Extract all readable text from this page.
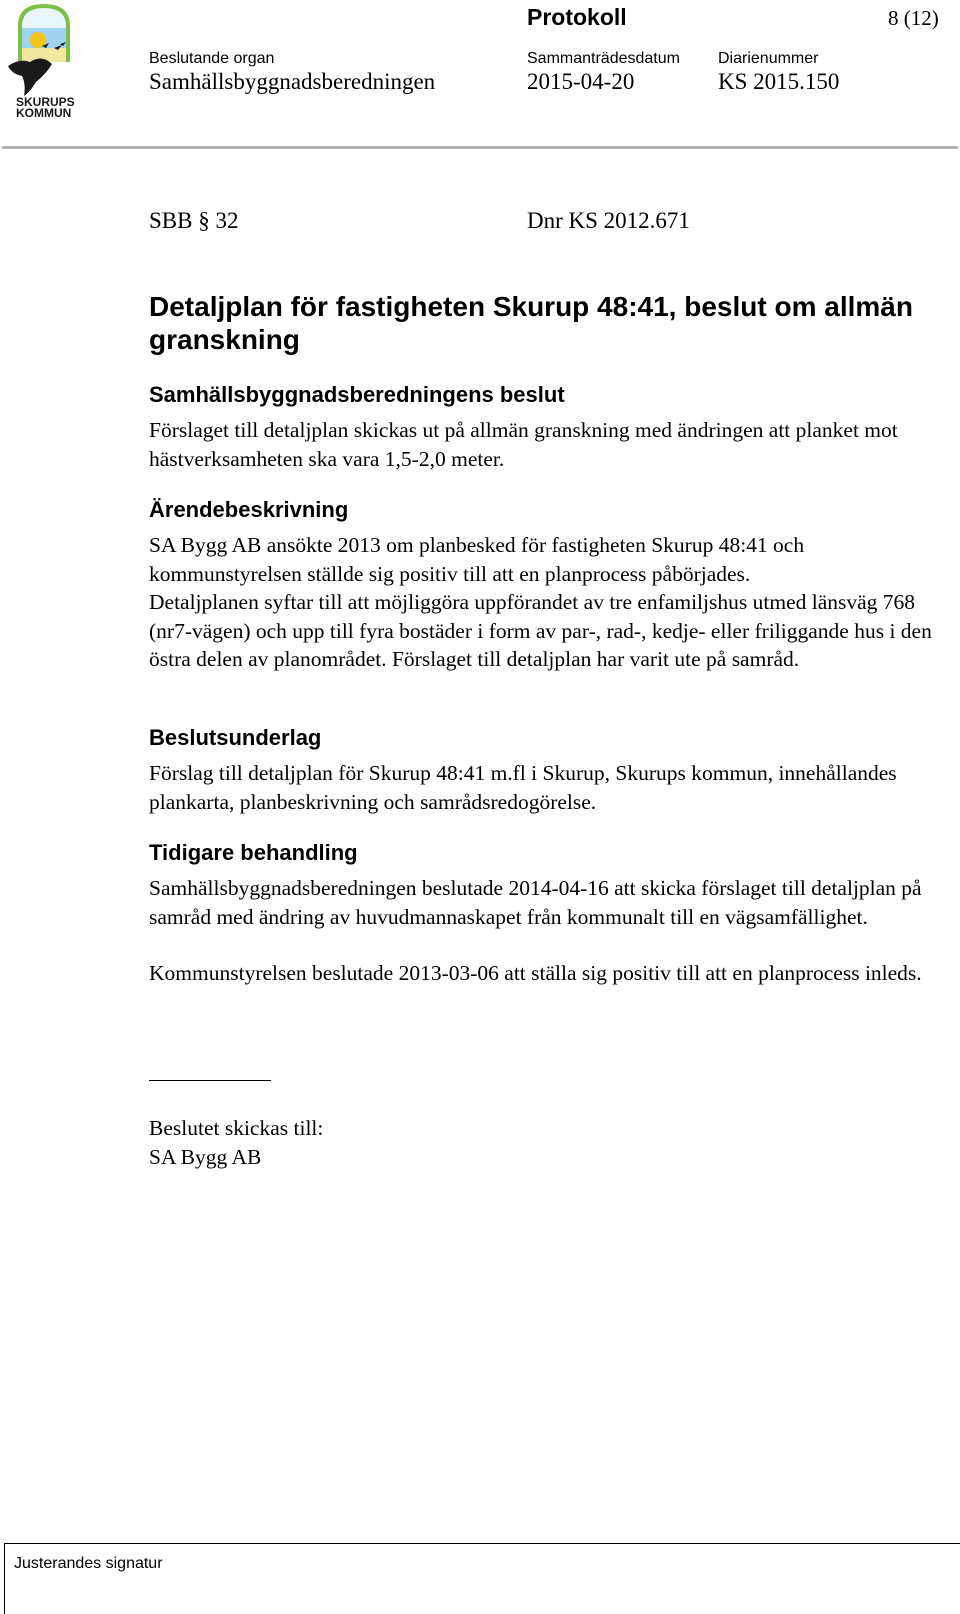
SKURUPS
KOMMUN
Protokoll	8 (12)
Beslutande organ
Samhällsbyggnadsberedningen
Sammanträdesdatum
2015-04-20
Diarienummer
KS 2015.150
SBB § 32	Dnr KS 2012.671
Detaljplan för fastigheten Skurup 48:41, beslut om allmän granskning
Samhällsbyggnadsberedningens beslut
Förslaget till detaljplan skickas ut på allmän granskning med ändringen att planket mot hästverksamheten ska vara 1,5-2,0 meter.
Ärendebeskrivning
SA Bygg AB ansökte 2013 om planbesked för fastigheten Skurup 48:41 och kommunstyrelsen ställde sig positiv till att en planprocess påbörjades.
Detaljplanen syftar till att möjliggöra uppförandet av tre enfamiljshus utmed länsväg 768 (nr7-vägen) och upp till fyra bostäder i form av par-, rad-, kedje- eller friliggande hus i den östra delen av planområdet. Förslaget till detaljplan har varit ute på samråd.
Beslutsunderlag
Förslag till detaljplan för Skurup 48:41 m.fl i Skurup, Skurups kommun, innehållandes plankarta, planbeskrivning och samrådsredogörelse.
Tidigare behandling
Samhällsbyggnadsberedningen beslutade 2014-04-16 att skicka förslaget till detaljplan på samråd med ändring av huvudmannaskapet från kommunalt till en vägsamfällighet.
Kommunstyrelsen beslutade 2013-03-06 att ställa sig positiv till att en planprocess inleds.
Beslutet skickas till:
SA Bygg AB
Justerandes signatur
